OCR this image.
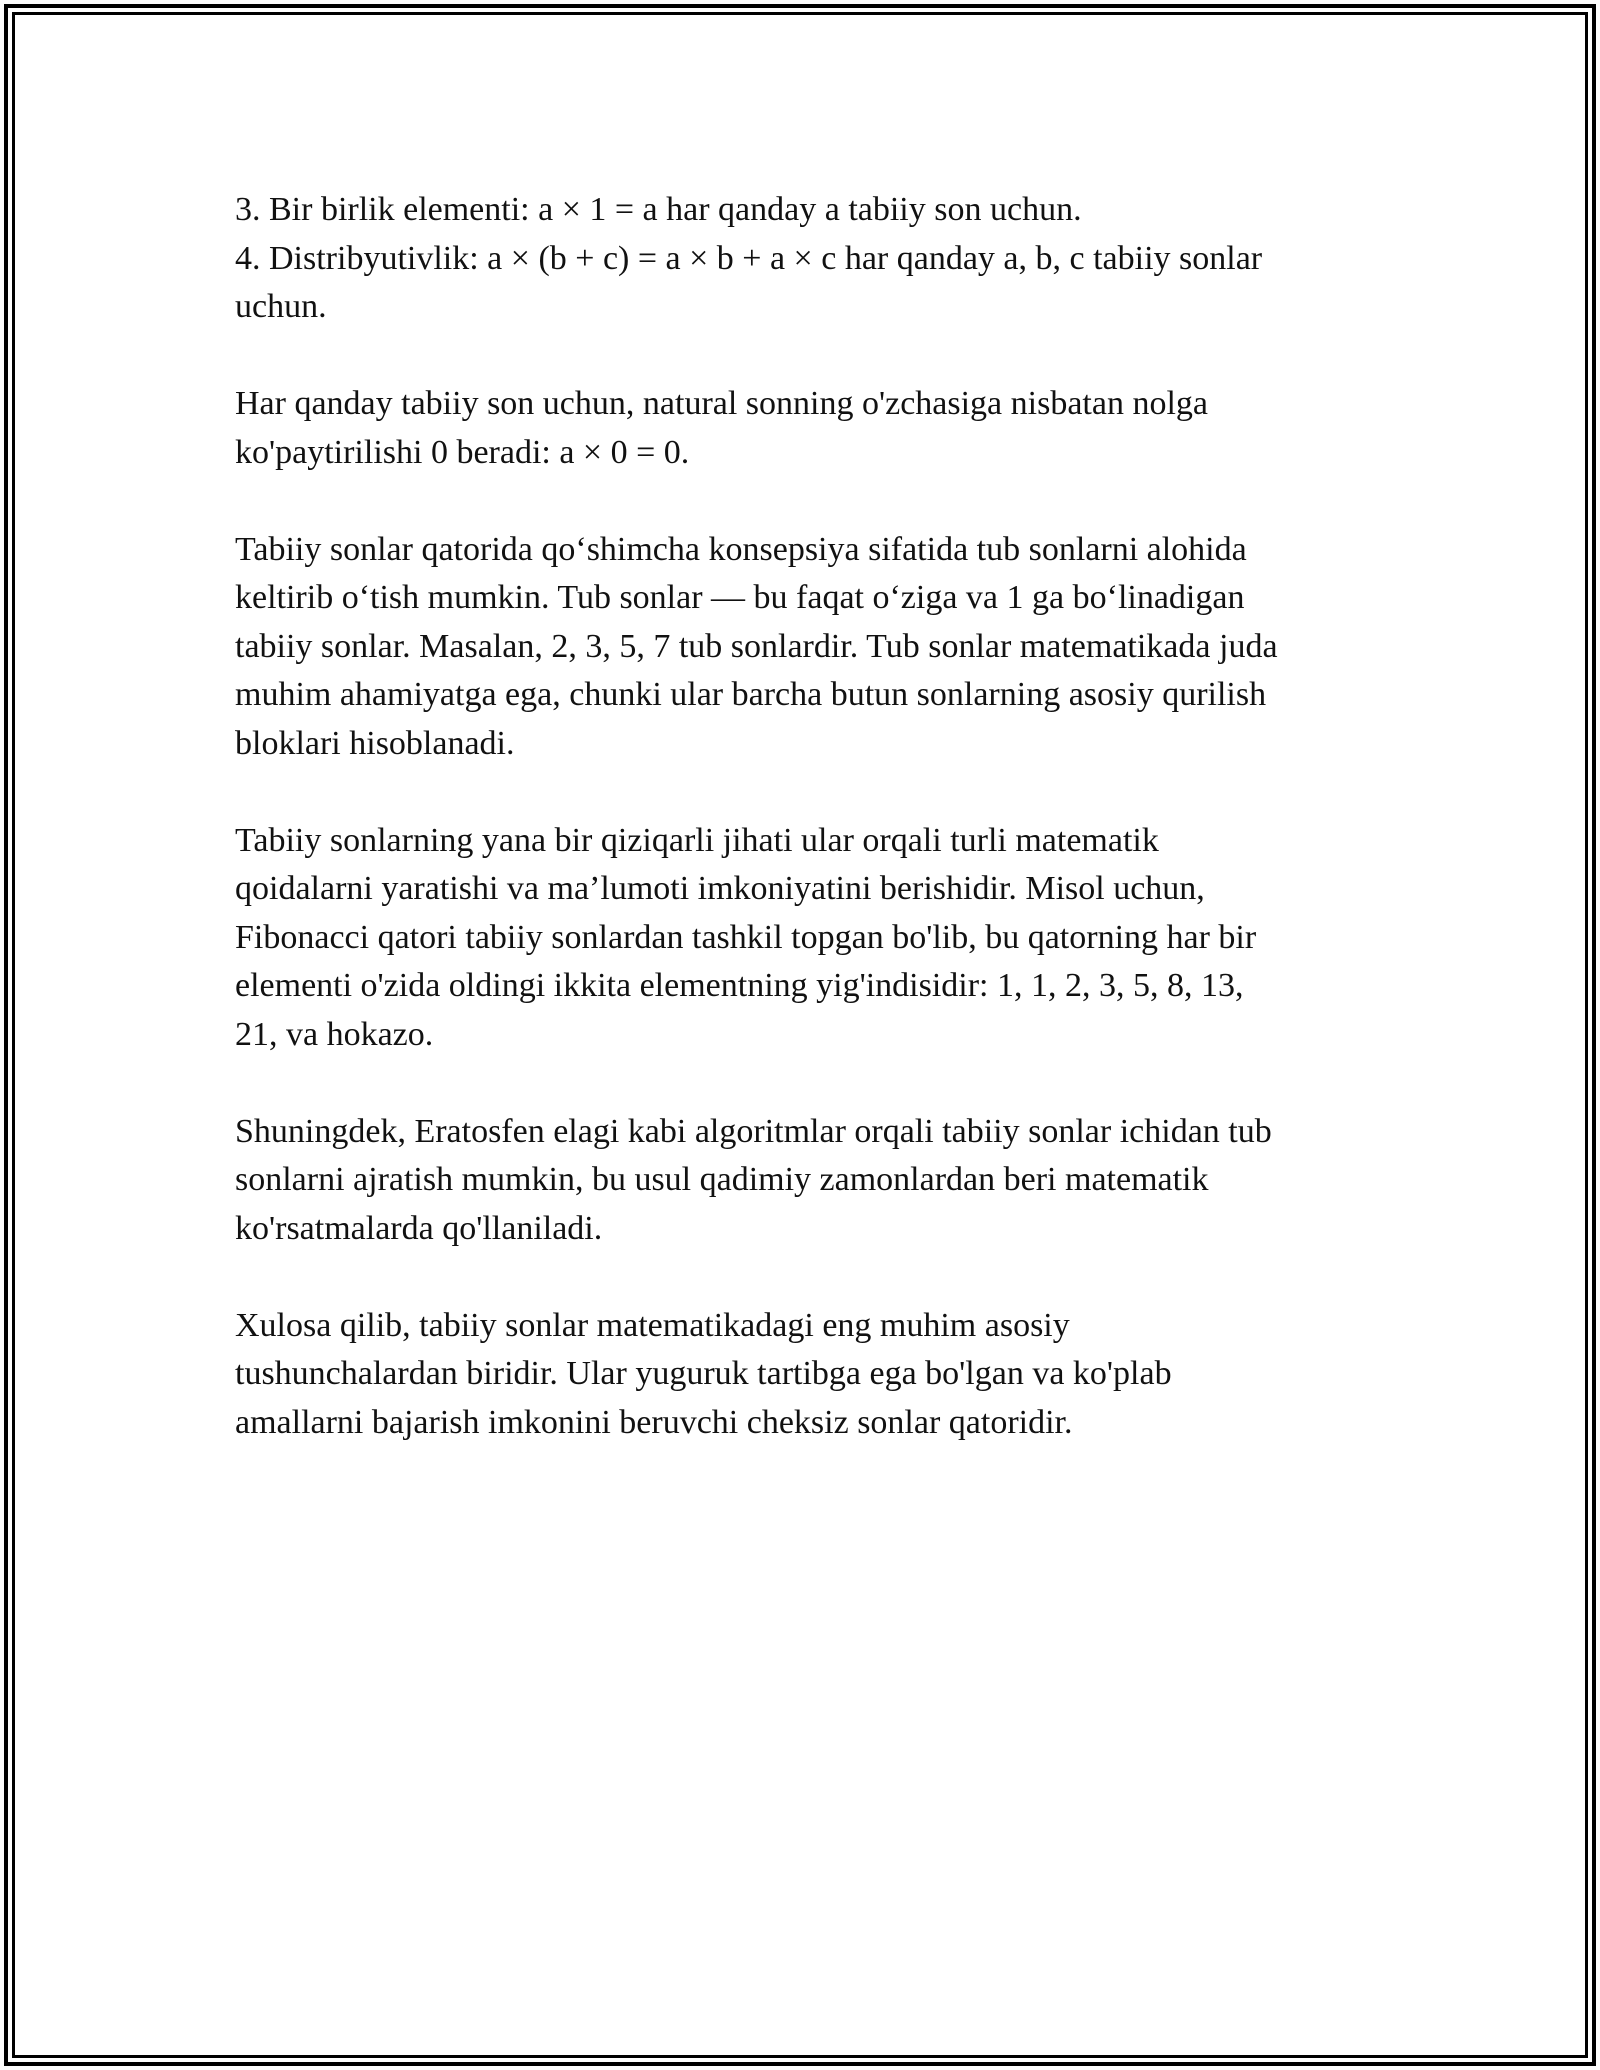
3. Bir birlik elementi: a × 1 = a har qanday a tabiiy son uchun.

4. Distribyutivlik: a × (b + c) = a × b + a × c har qanday a, b, c tabiiy sonlar

uchun.

Har qanday tabiiy son uchun, natural sonning o'zchasiga nisbatan nolga

ko'paytirilishi 0 beradi: a × 0 = 0.

Tabiiy sonlar qatorida qo‘shimcha konsepsiya sifatida tub sonlarni alohida

keltirib o‘tish mumkin. Tub sonlar — bu faqat o‘ziga va 1 ga bo‘linadigan

tabiiy sonlar. Masalan, 2, 3, 5, 7 tub sonlardir. Tub sonlar matematikada juda

muhim ahamiyatga ega, chunki ular barcha butun sonlarning asosiy qurilish

bloklari hisoblanadi.

Tabiiy sonlarning yana bir qiziqarli jihati ular orqali turli matematik

qoidalarni yaratishi va ma’lumoti imkoniyatini berishidir. Misol uchun,

Fibonacci qatori tabiiy sonlardan tashkil topgan bo'lib, bu qatorning har bir

elementi o'zida oldingi ikkita elementning yig'indisidir: 1, 1, 2, 3, 5, 8, 13,

21, va hokazo.

Shuningdek, Eratosfen elagi kabi algoritmlar orqali tabiiy sonlar ichidan tub

sonlarni ajratish mumkin, bu usul qadimiy zamonlardan beri matematik

ko'rsatmalarda qo'llaniladi.

Xulosa qilib, tabiiy sonlar matematikadagi eng muhim asosiy

tushunchalardan biridir. Ular yuguruk tartibga ega bo'lgan va ko'plab

amallarni bajarish imkonini beruvchi cheksiz sonlar qatoridir.
